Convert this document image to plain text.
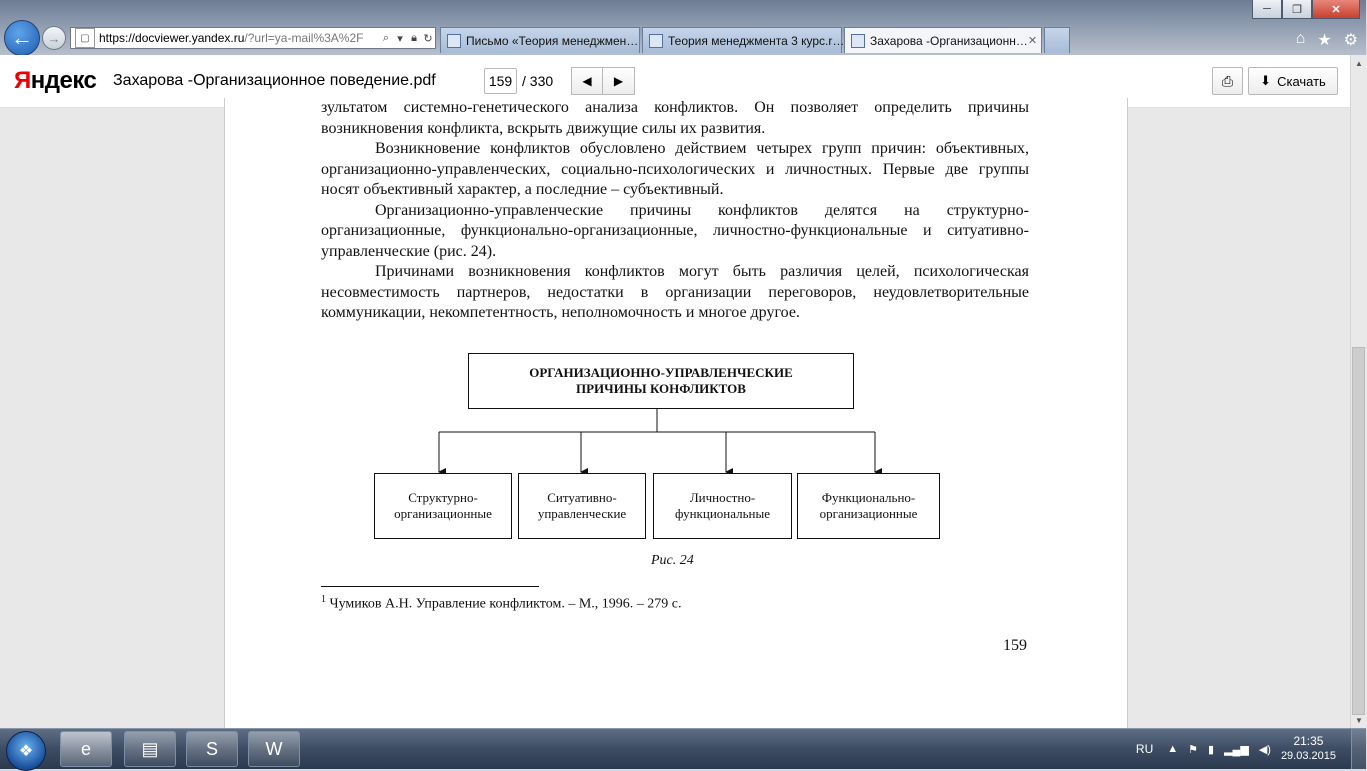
─	❐	✕
← →	▢ https://docviewer.yandex.ru/?url=ya-mail%3A%2F	⌕ ▾ 🔒︎ ↻	Письмо «Теория менеджмен… Теория менеджмента 3 курс.r… Захарова -Организационн… ✕	⌂ ★ ⚙
Яндекс Захарова -Организационное поведение.pdf	159 / 330 ◀ ▶	⎙ ⬇ Скачать

зультатом системно-генетического анализа конфликтов. Он позволяет определить причины возникновения конфликта, вскрыть движущие силы их развития.

Возникновение конфликтов обусловлено действием четырех групп причин: объективных, организационно-управленческих, социально-психологических и личностных. Первые две группы носят объективный характер, а последние – субъективный.

Организационно-управленческие причины конфликтов делятся на структурно-организационные, функционально-организационные, личностно-функциональные и ситуативно-управленческие (рис. 24).

Причинами возникновения конфликтов могут быть различия целей, психологическая несовместимость партнеров, недостатки в организации переговоров, неудовлетворительные коммуникации, некомпетентность, неполномочность и многое другое.

ОРГАНИЗАЦИОННО-УПРАВЛЕНЧЕСКИЕ
ПРИЧИНЫ КОНФЛИКТОВ
Структурно-
организационные
Ситуативно-
управленческие
Личностно-
функциональные
Функционально-
организационные
Рис. 24
$^1$ Чумиков А.Н. Управление конфликтом. – М., 1996. – 279 с.
159
▲
▼
❖	e	▤	S	W	RU ▲ ⚑ ▮ ▂▄▆ ◀)
21:35
29.03.2015
